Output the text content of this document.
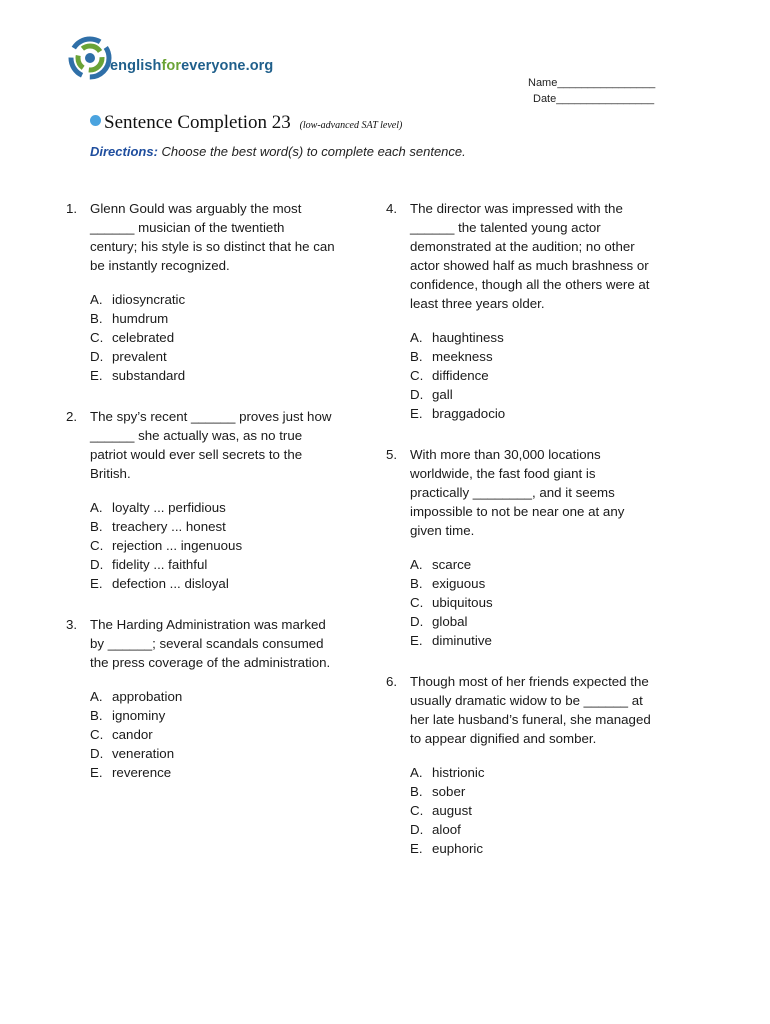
englishforeveryone.org
Name________________
Date________________
Sentence Completion 23 (low-advanced SAT level)
Directions: Choose the best word(s) to complete each sentence.
1. Glenn Gould was arguably the most
______ musician of the twentieth
century; his style is so distinct that he can
be instantly recognized.
A. idiosyncratic
B. humdrum
C. celebrated
D. prevalent
E. substandard
2. The spy’s recent ______ proves just how
______ she actually was, as no true
patriot would ever sell secrets to the
British.
A. loyalty ... perfidious
B. treachery ... honest
C. rejection ... ingenuous
D. fidelity ... faithful
E. defection ... disloyal
3. The Harding Administration was marked
by ______; several scandals consumed
the press coverage of the administration.
A. approbation
B. ignominy
C. candor
D. veneration
E. reverence
4. The director was impressed with the
______ the talented young actor
demonstrated at the audition; no other
actor showed half as much brashness or
confidence, though all the others were at
least three years older.
A. haughtiness
B. meekness
C. diffidence
D. gall
E. braggadocio
5. With more than 30,000 locations
worldwide, the fast food giant is
practically ________, and it seems
impossible to not be near one at any
given time.
A. scarce
B. exiguous
C. ubiquitous
D. global
E. diminutive
6. Though most of her friends expected the
usually dramatic widow to be ______ at
her late husband’s funeral, she managed
to appear dignified and somber.
A. histrionic
B. sober
C. august
D. aloof
E. euphoric
